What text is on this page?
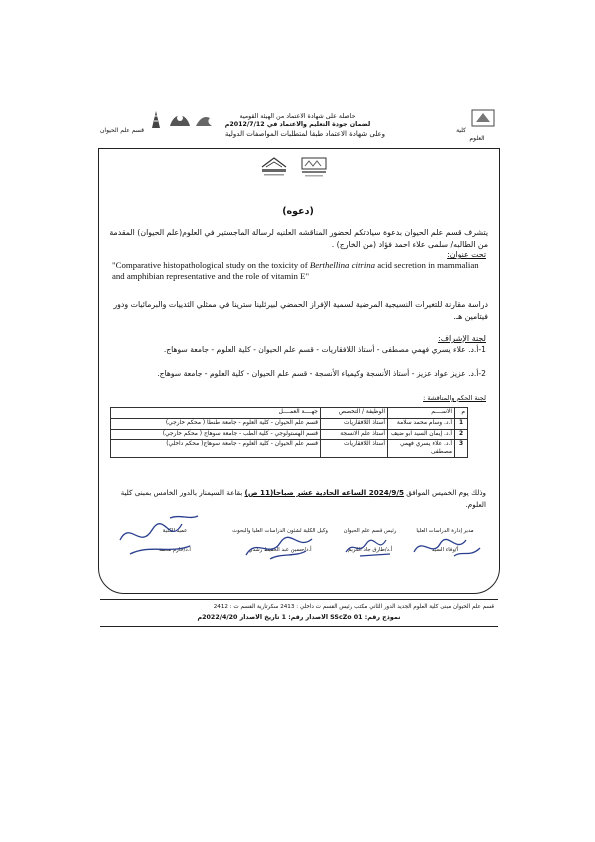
قسم علم الحيوان
حاصلة على شهادة الاعتماد من الهيئة القومية
لضمان جودة التعليم والاعتماد في 2012/7/12م
كلية العلوم
وعلى شهادة الاعتماد طبقا لمتطلبات المواصفات الدولية
(دعوه)
يتشرف قسم علم الحيوان بدعوة سيادتكم لحضور المناقشه العلنيه لرسالة الماجستير في العلوم(علم الحيوان) المقدمة من الطالبه/ سلمى علاء احمد فؤاد (من الخارج) .
تحت عنوان:
"Comparative histopathological study on the toxicity of Berthellina citrina acid secretion in mammalian and amphibian representative and the role of vitamin E"
دراسة مقارنة للتغيرات النسيجية المرضية لسمية الإفراز الحمضي لبيرثلينا سترينا في ممثلي الثدييات والبرمائيات ودور فيتامين هـ.
لجنة الإشراف:
1-أ.د. علاء يسري فهمي مصطفى - أستاذ اللافقاريات - قسم علم الحيوان - كلية العلوم - جامعة سوهاج.
2-أ.د. عزيز عواد عزيز - أستاذ الأنسجة وكيمياء الأنسجة - قسم علم الحيوان - كلية العلوم - جامعة سوهاج.
لجنة الحكم والمناقشة :
م	الاســــم	الوظيفة / التخصص	جهــــة العمــــل
1	أ.د. وسام محمد سلامة	أستاذ اللافقاريات	قسم علم الحيوان - كلية العلوم - جامعة طنطا ( محكم خارجي)
2	أ.د. إيمان السيد ابو ضيف	أستاذ علم الانسجة	قسم الهستولوجي - كلية الطب - جامعة سوهاج ( محكم خارجي)
3	أ.د. علاء يسري فهمي مصطفى	أستاذ اللافقاريات	قسم علم الحيوان - كلية العلوم - جامعة سوهاج( محكم داخلي)
وذلك يوم الخميس الموافق 2024/9/5 الساعه الحادية عشر صباحا(11 ص) بقاعة السيمنار بالدور الخامس بمبنى كلية العلوم.
مدير إدارة الدراسات العليا
أ/وفاء السيد
رئيس قسم علم الحيوان
أ.د/طارق جاد الكريم
وكيل الكلية لشئون الدراسات العليا والبحوث
أ.د/حسين عبد الحفيظ رشدي
عميد الكلية
أ.د/حازم محمد
قسم علم الحيوان مبنى كلية العلوم الجديد الدور الثاني مكتب رئيس القسم ت داخلي : 2413 سكرتارية القسم ت : 2412
نموذج رقم: SScZo 01 الاصدار رقم: 1 تاريخ الاصدار 2022/4/20م
